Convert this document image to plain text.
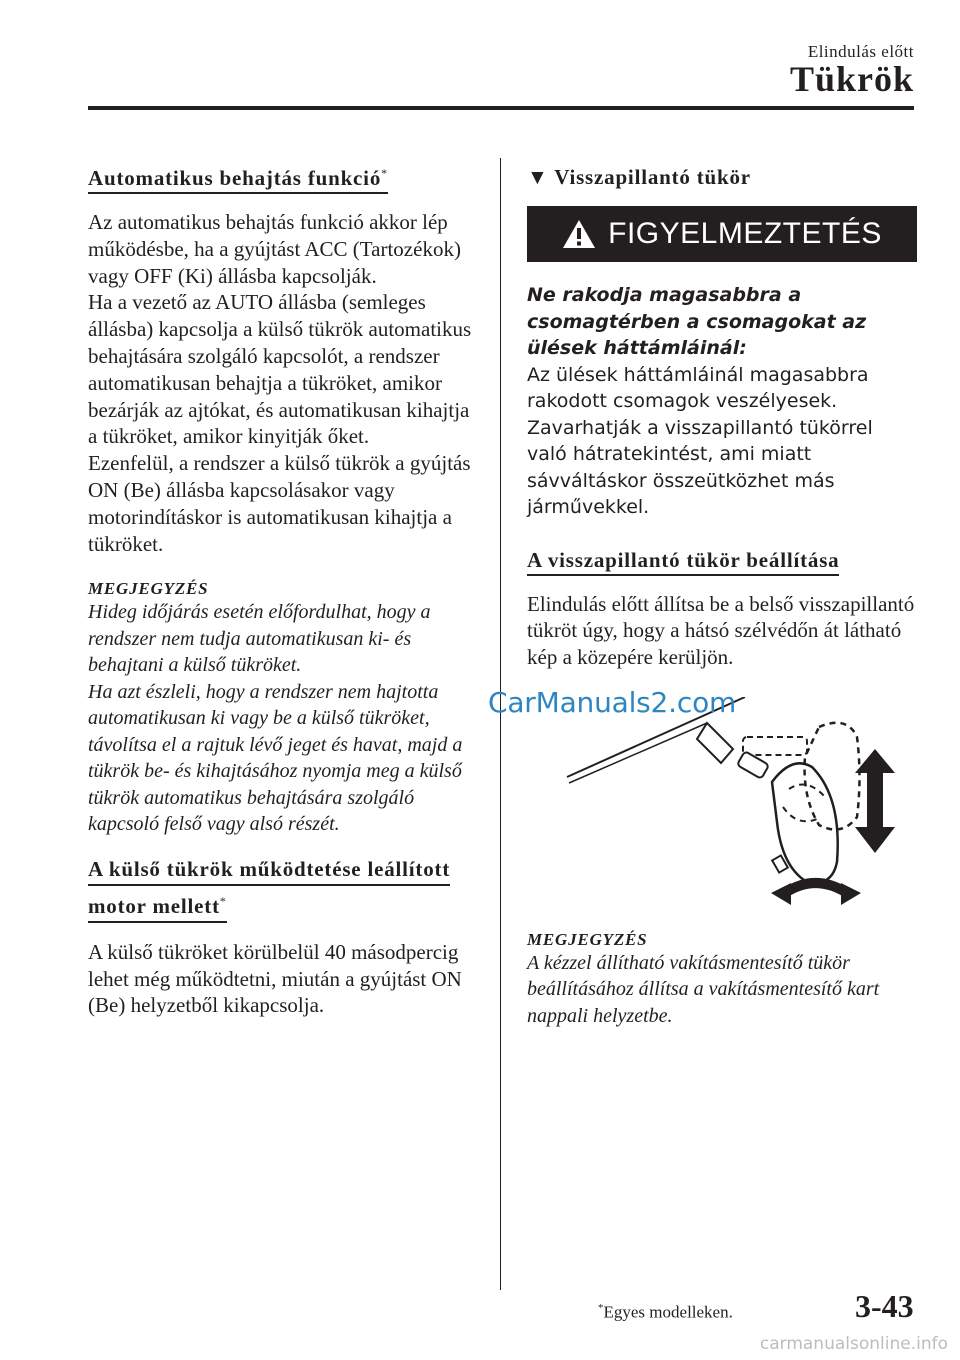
Elindulás előtt
Tükrök
Automatikus behajtás funkció*
Az automatikus behajtás funkció akkor lép működésbe, ha a gyújtást ACC (Tartozékok) vagy OFF (Ki) állásba kapcsolják.
Ha a vezető az AUTO állásba (semleges állásba) kapcsolja a külső tükrök automatikus behajtására szolgáló kapcsolót, a rendszer automatikusan behajtja a tükröket, amikor bezárják az ajtókat, és automatikusan kihajtja a tükröket, amikor kinyitják őket.
Ezenfelül, a rendszer a külső tükrök a gyújtás ON (Be) állásba kapcsolásakor vagy motorindításkor is automatikusan kihajtja a tükröket.
MEGJEGYZÉS
Hideg időjárás esetén előfordulhat, hogy a rendszer nem tudja automatikusan ki- és behajtani a külső tükröket.
Ha azt észleli, hogy a rendszer nem hajtotta automatikusan ki vagy be a külső tükröket, távolítsa el a rajtuk lévő jeget és havat, majd a tükrök be- és kihajtásához nyomja meg a külső tükrök automatikus behajtására szolgáló kapcsoló felső vagy alsó részét.
A külső tükrök működtetése leállított
motor mellett*
A külső tükröket körülbelül 40 másodpercig lehet még működtetni, miután a gyújtást ON (Be) helyzetből kikapcsolja.
▼ Visszapillantó tükör
FIGYELMEZTETÉS
Ne rakodja magasabbra a csomagtérben a csomagokat az ülések háttámláinál:
Az ülések háttámláinál magasabbra rakodott csomagok veszélyesek. Zavarhatják a visszapillantó tükörrel való hátratekintést, ami miatt sávváltáskor összeütközhet más járművekkel.
A visszapillantó tükör beállítása
Elindulás előtt állítsa be a belső visszapillantó tükröt úgy, hogy a hátsó szélvédőn át látható kép a közepére kerüljön.
MEGJEGYZÉS
A kézzel állítható vakításmentesítő tükör beállításához állítsa a vakításmentesítő kart nappali helyzetbe.
CarManuals2.com
*Egyes modelleken.	3-43
carmanualsonline.info
